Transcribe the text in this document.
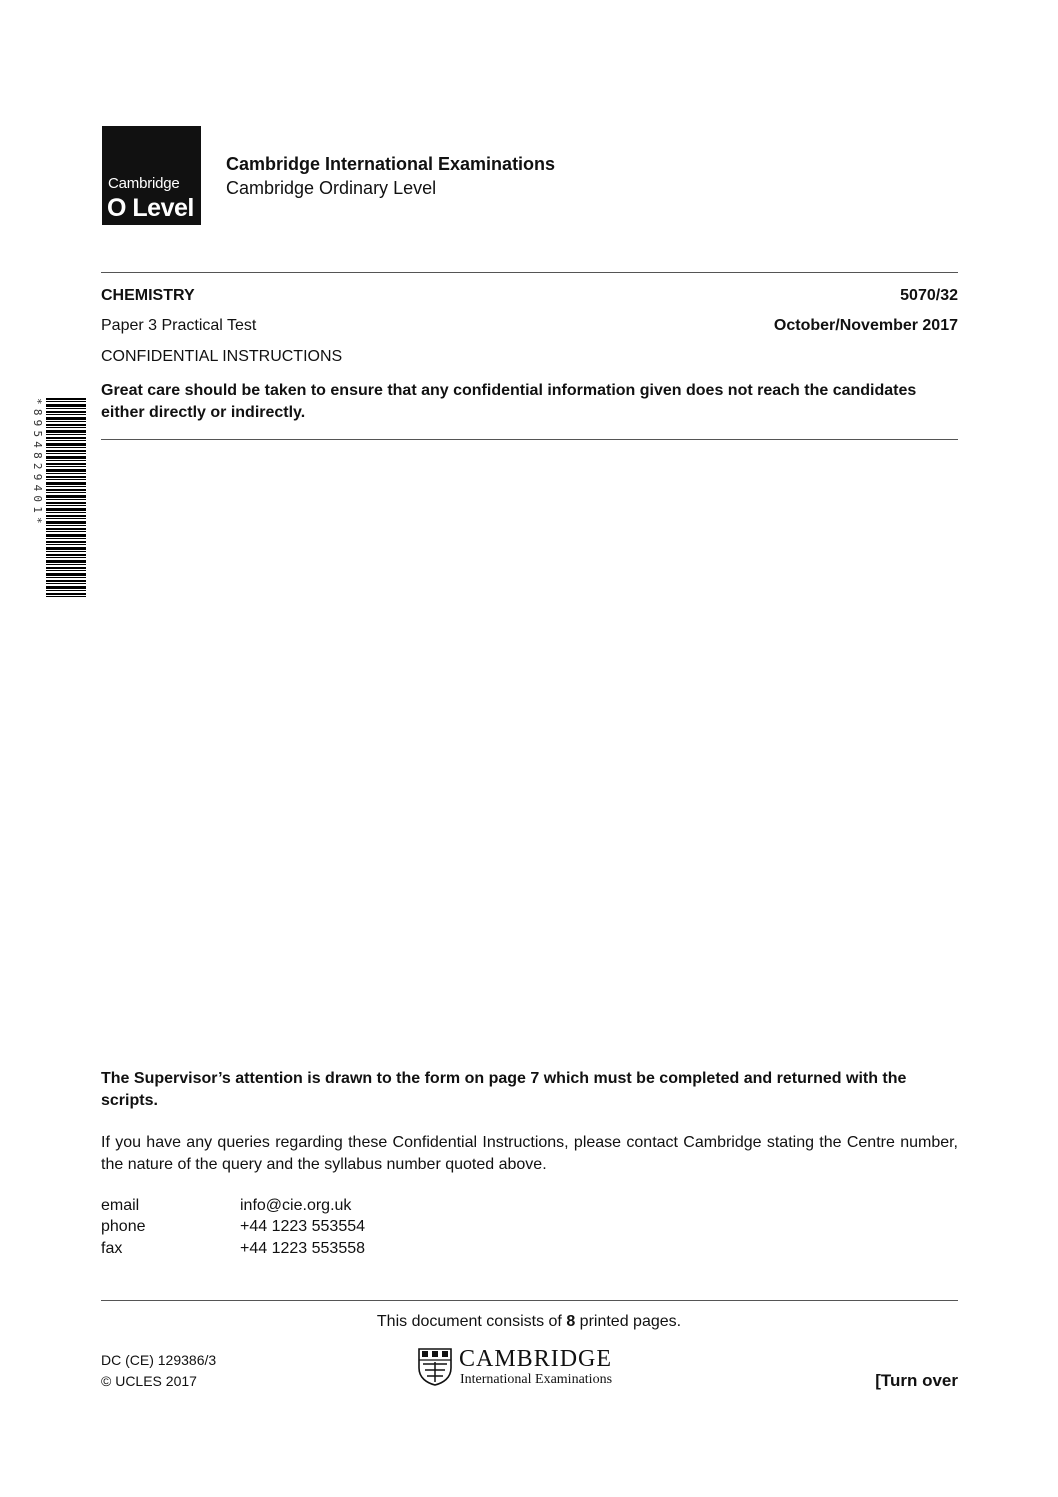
Cambridge
O Level
Cambridge International Examinations
Cambridge Ordinary Level
CHEMISTRY	5070/32
Paper 3 Practical Test	October/November 2017
CONFIDENTIAL INSTRUCTIONS
Great care should be taken to ensure that any confidential information given does not reach the candidates either directly or indirectly.
*8954829401*
The Supervisor’s attention is drawn to the form on page 7 which must be completed and returned with the scripts.
If you have any queries regarding these Confidential Instructions, please contact Cambridge stating the Centre number, the nature of the query and the syllabus number quoted above.
email	info@cie.org.uk
phone	+44 1223 553554
fax	+44 1223 553558
This document consists of 8 printed pages.
DC (CE) 129386/3
© UCLES 2017
CAMBRIDGE
International Examinations	[Turn over
